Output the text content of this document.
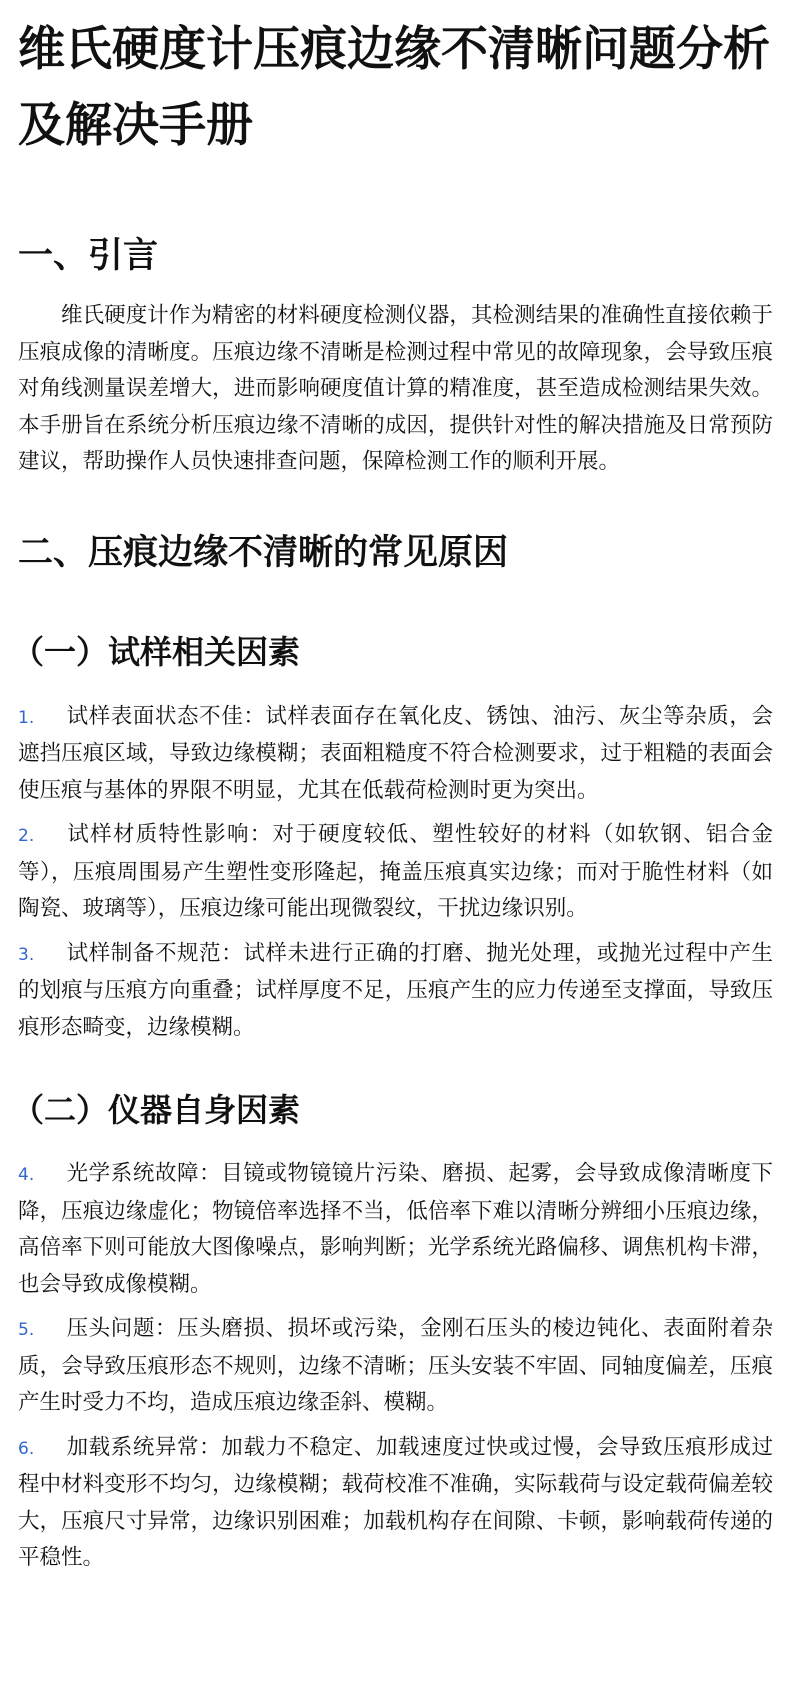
维氏硬度计压痕边缘不清晰问题分析及解决手册
一、引言

维氏硬度计作为精密的材料硬度检测仪器，其检测结果的准确性直接依赖于压痕成像的清晰度。压痕边缘不清晰是检测过程中常见的故障现象，会导致压痕对角线测量误差增大，进而影响硬度值计算的精准度，甚至造成检测结果失效。本手册旨在系统分析压痕边缘不清晰的成因，提供针对性的解决措施及日常预防建议，帮助操作人员快速排查问题，保障检测工作的顺利开展。

二、压痕边缘不清晰的常见原因
（一）试样相关因素
1. 试样表面状态不佳：试样表面存在氧化皮、锈蚀、油污、灰尘等杂质，会遮挡压痕区域，导致边缘模糊；表面粗糙度不符合检测要求，过于粗糙的表面会使压痕与基体的界限不明显，尤其在低载荷检测时更为突出。
2. 试样材质特性影响：对于硬度较低、塑性较好的材料（如软钢、铝合金等），压痕周围易产生塑性变形隆起，掩盖压痕真实边缘；而对于脆性材料（如陶瓷、玻璃等），压痕边缘可能出现微裂纹，干扰边缘识别。
3. 试样制备不规范：试样未进行正确的打磨、抛光处理，或抛光过程中产生的划痕与压痕方向重叠；试样厚度不足，压痕产生的应力传递至支撑面，导致压痕形态畸变，边缘模糊。
（二）仪器自身因素
4. 光学系统故障：目镜或物镜镜片污染、磨损、起雾，会导致成像清晰度下降，压痕边缘虚化；物镜倍率选择不当，低倍率下难以清晰分辨细小压痕边缘，高倍率下则可能放大图像噪点，影响判断；光学系统光路偏移、调焦机构卡滞，也会导致成像模糊。
5. 压头问题：压头磨损、损坏或污染，金刚石压头的棱边钝化、表面附着杂质，会导致压痕形态不规则，边缘不清晰；压头安装不牢固、同轴度偏差，压痕产生时受力不均，造成压痕边缘歪斜、模糊。
6. 加载系统异常：加载力不稳定、加载速度过快或过慢，会导致压痕形成过程中材料变形不均匀，边缘模糊；载荷校准不准确，实际载荷与设定载荷偏差较大，压痕尺寸异常，边缘识别困难；加载机构存在间隙、卡顿，影响载荷传递的平稳性。
